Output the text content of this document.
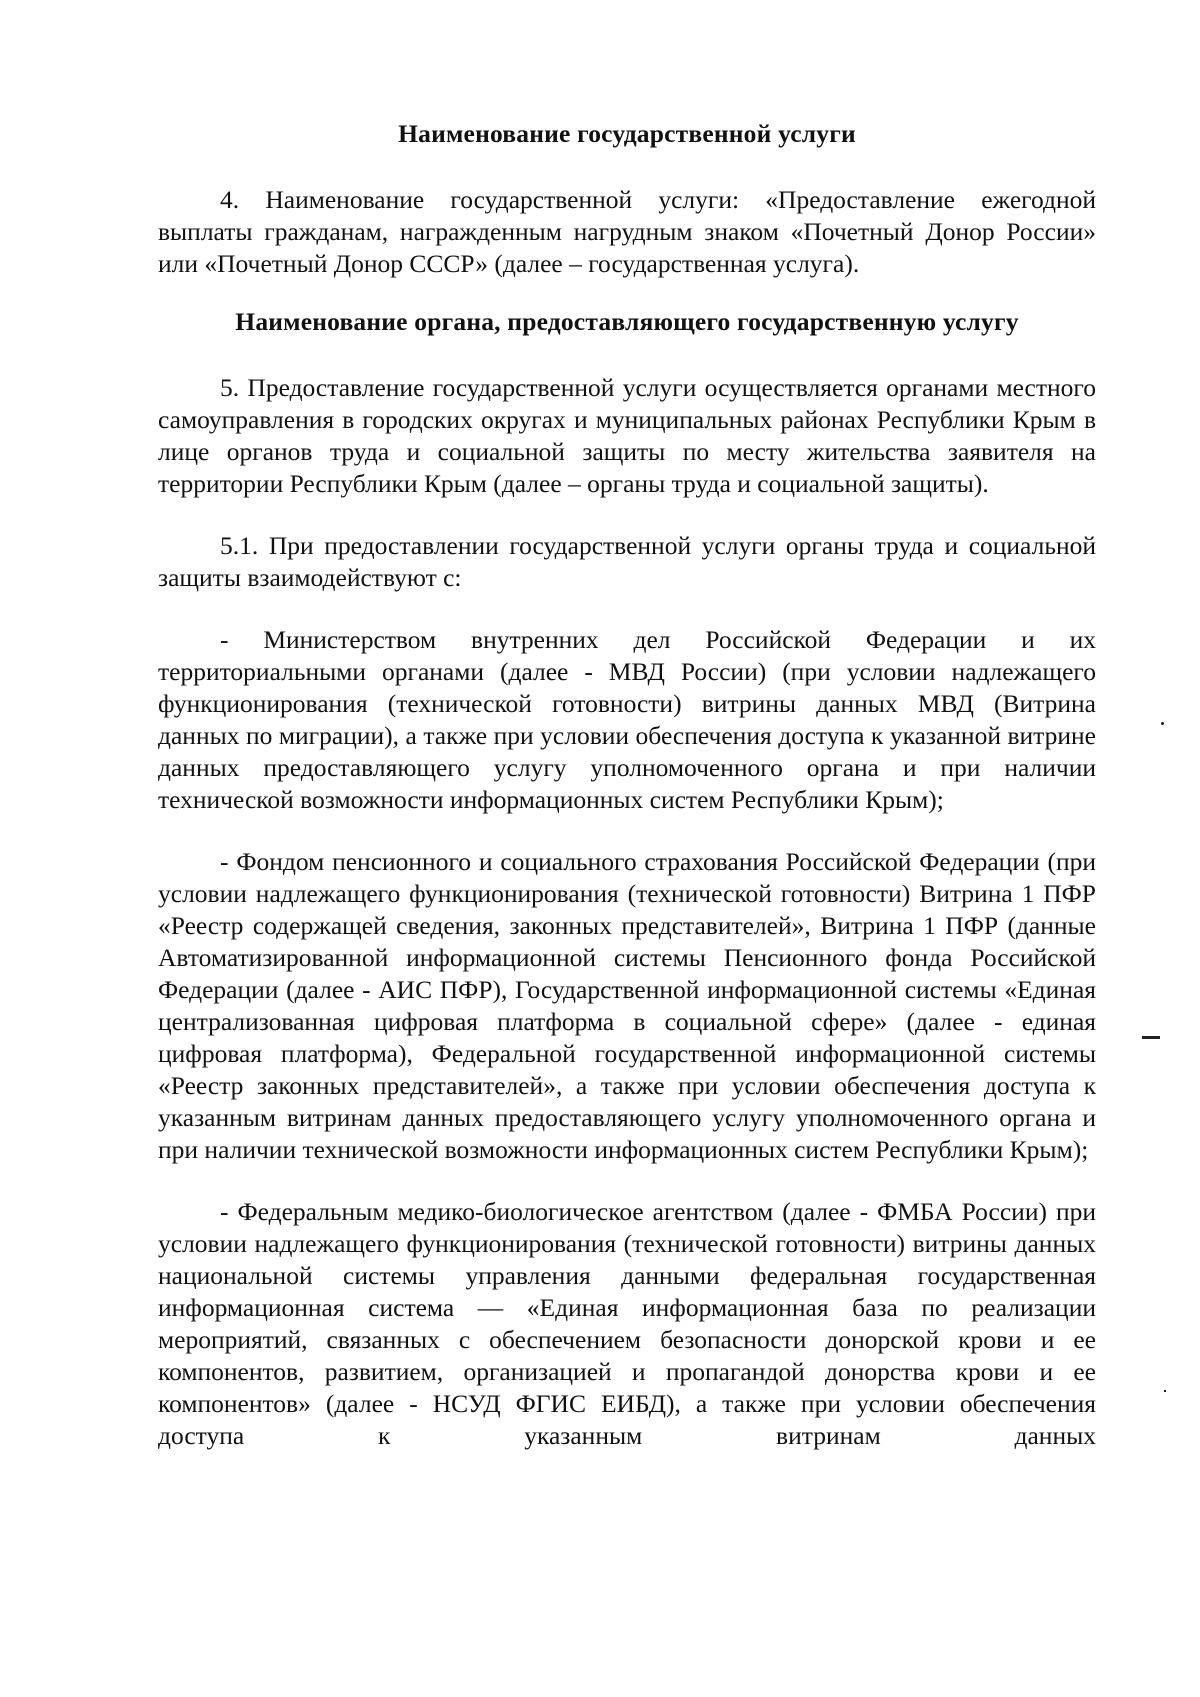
Наименование государственной услуги

4. Наименование государственной услуги: «Предоставление ежегодной выплаты гражданам, награжденным нагрудным знаком «Почетный Донор России» или «Почетный Донор СССР» (далее – государственная услуга).

Наименование органа, предоставляющего государственную услугу

5. Предоставление государственной услуги осуществляется органами местного самоуправления в городских округах и муниципальных районах Республики Крым в лице органов труда и социальной защиты по месту жительства заявителя на территории Республики Крым (далее – органы труда и социальной защиты).

5.1. При предоставлении государственной услуги органы труда и социальной защиты взаимодействуют с:

- Министерством внутренних дел Российской Федерации и их территориальными органами (далее - МВД России) (при условии надлежащего функционирования (технической готовности) витрины данных МВД (Витрина данных по миграции), а также при условии обеспечения доступа к указанной витрине данных предоставляющего услугу уполномоченного органа и при наличии технической возможности информационных систем Республики Крым);

- Фондом пенсионного и социального страхования Российской Федерации (при условии надлежащего функционирования (технической готовности) Витрина 1 ПФР «Реестр содержащей сведения, законных представителей», Витрина 1 ПФР (данные Автоматизированной информационной системы Пенсионного фонда Российской Федерации (далее - АИС ПФР), Государственной информационной системы «Единая централизованная цифровая платформа в социальной сфере» (далее - единая цифровая платформа), Федеральной государственной информационной системы «Реестр законных представителей», а также при условии обеспечения доступа к указанным витринам данных предоставляющего услугу уполномоченного органа и при наличии технической возможности информационных систем Республики Крым);

- Федеральным медико-биологическое агентством (далее - ФМБА России) при условии надлежащего функционирования (технической готовности) витрины данных национальной системы управления данными федеральная государственная информационная система — «Единая информационная база по реализации мероприятий, связанных с обеспечением безопасности донорской крови и ее компонентов, развитием, организацией и пропагандой донорства крови и ее компонентов» (далее - НСУД ФГИС ЕИБД), а также при условии обеспечения доступа к указанным витринам данных
